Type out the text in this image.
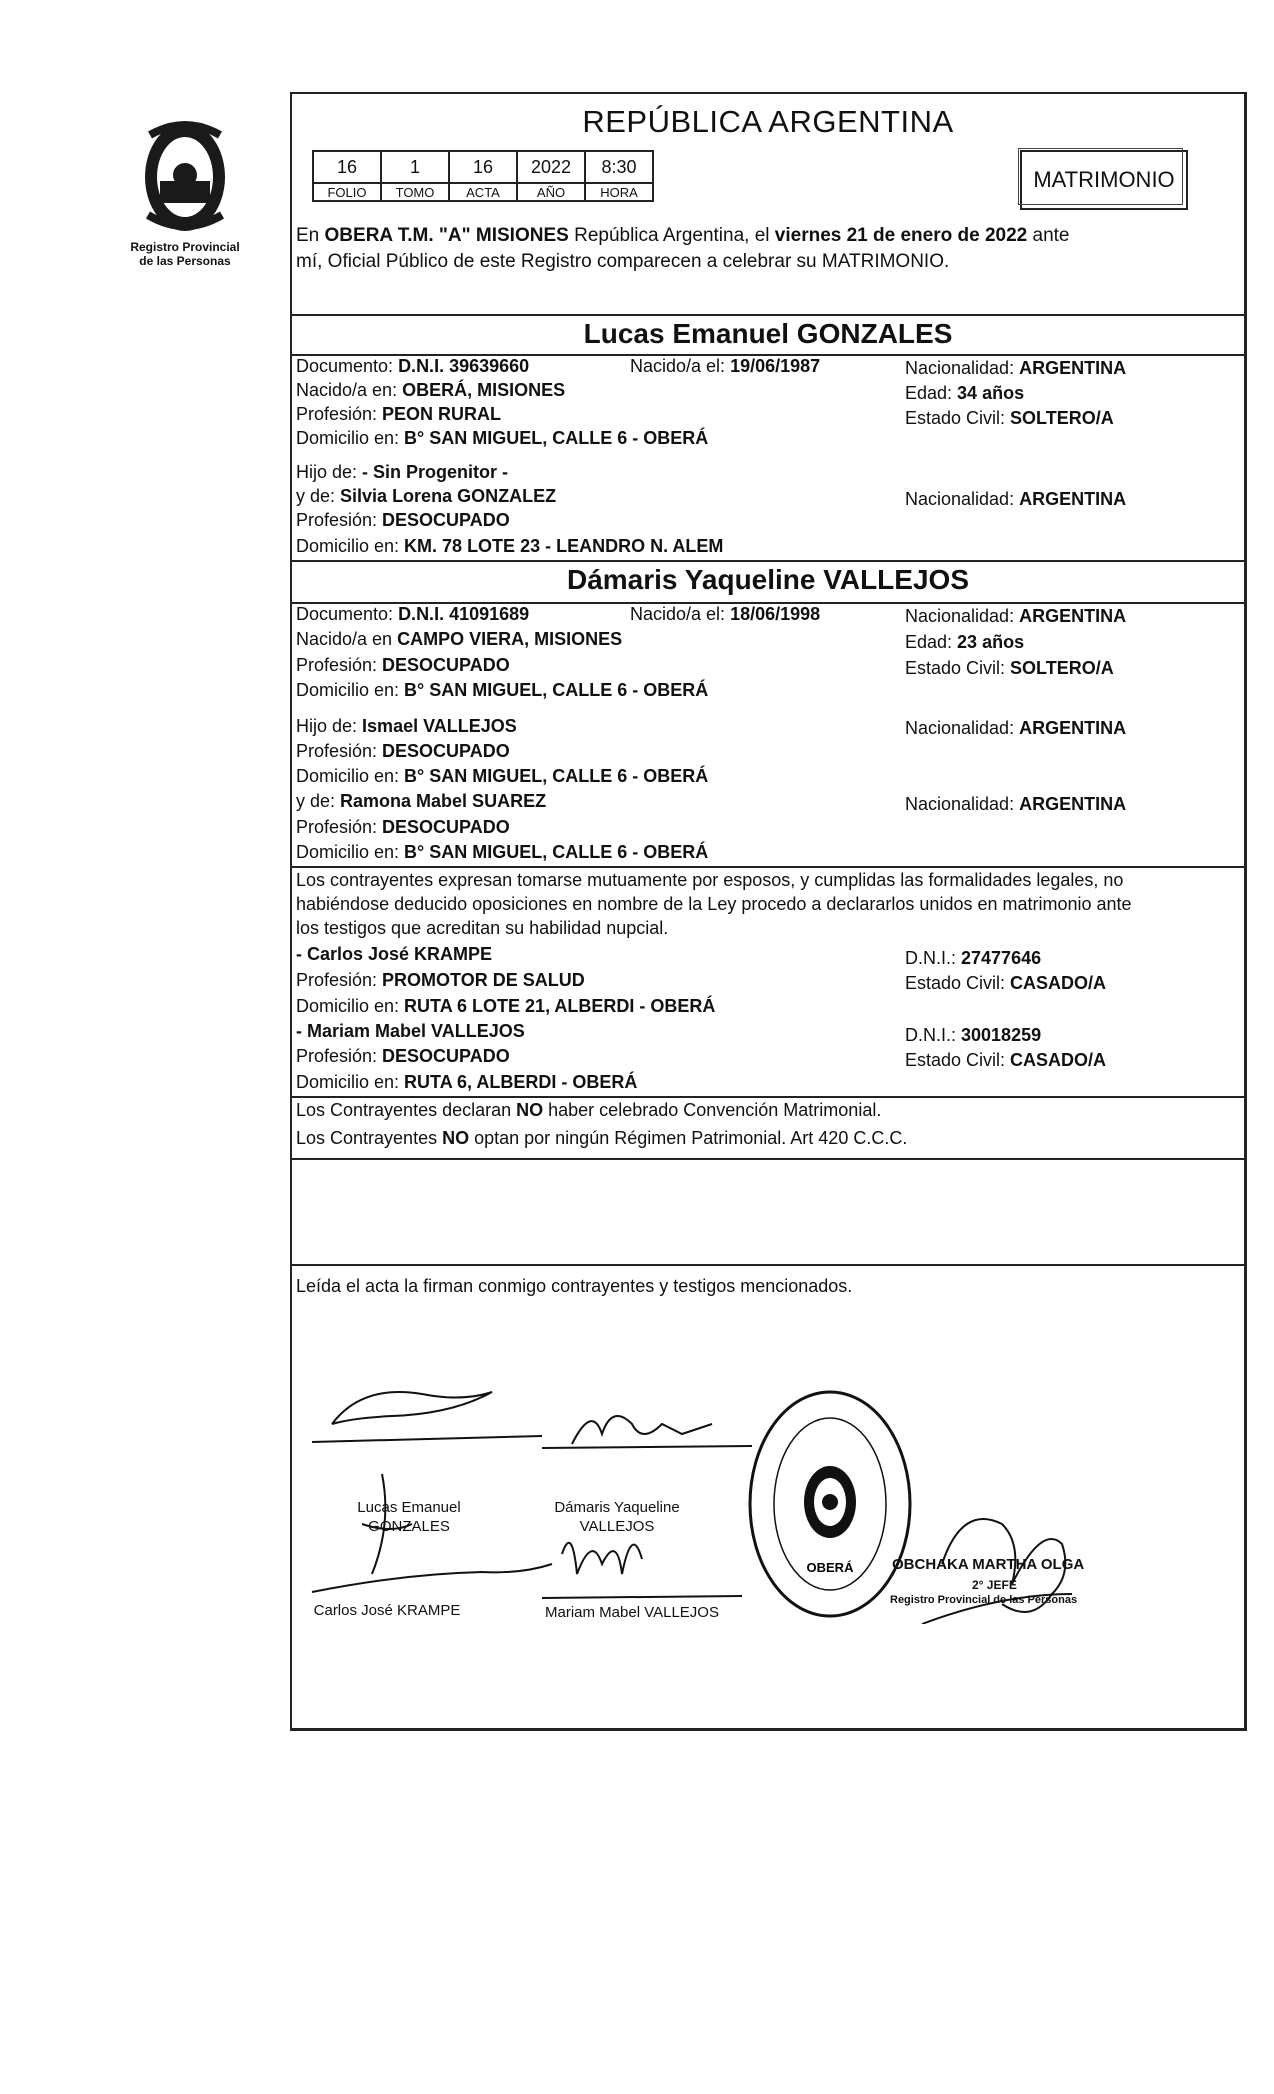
Registro Provincial
de las Personas
REPÚBLICA ARGENTINA
16	1	16	2022	8:30
FOLIO	TOMO	ACTA	AÑO	HORA	MATRIMONIO
En OBERA T.M. "A" MISIONES República Argentina, el viernes 21 de enero de 2022 ante
mí, Oficial Público de este Registro comparecen a celebrar su MATRIMONIO.
Lucas Emanuel GONZALES
Documento: D.N.I. 39639660	Nacido/a el: 19/06/1987	Nacionalidad: ARGENTINA
Nacido/a en: OBERÁ, MISIONES	Edad: 34 años
Profesión: PEON RURAL	Estado Civil: SOLTERO/A
Domicilio en: B° SAN MIGUEL, CALLE 6 - OBERÁ
Hijo de: - Sin Progenitor -
y de: Silvia Lorena GONZALEZ	Nacionalidad: ARGENTINA
Profesión: DESOCUPADO
Domicilio en: KM. 78 LOTE 23 - LEANDRO N. ALEM
Dámaris Yaqueline VALLEJOS
Documento: D.N.I. 41091689	Nacido/a el: 18/06/1998	Nacionalidad: ARGENTINA
Nacido/a en CAMPO VIERA, MISIONES	Edad: 23 años
Profesión: DESOCUPADO	Estado Civil: SOLTERO/A
Domicilio en: B° SAN MIGUEL, CALLE 6 - OBERÁ
Hijo de: Ismael VALLEJOS	Nacionalidad: ARGENTINA
Profesión: DESOCUPADO
Domicilio en: B° SAN MIGUEL, CALLE 6 - OBERÁ
y de: Ramona Mabel SUAREZ	Nacionalidad: ARGENTINA
Profesión: DESOCUPADO
Domicilio en: B° SAN MIGUEL, CALLE 6 - OBERÁ
Los contrayentes expresan tomarse mutuamente por esposos, y cumplidas las formalidades legales, no
habiéndose deducido oposiciones en nombre de la Ley procedo a declararlos unidos en matrimonio ante
los testigos que acreditan su habilidad nupcial.
- Carlos José KRAMPE	D.N.I.: 27477646
Profesión: PROMOTOR DE SALUD	Estado Civil: CASADO/A
Domicilio en: RUTA 6 LOTE 21, ALBERDI - OBERÁ
- Mariam Mabel VALLEJOS	D.N.I.: 30018259
Profesión: DESOCUPADO	Estado Civil: CASADO/A
Domicilio en: RUTA 6, ALBERDI - OBERÁ
Los Contrayentes declaran NO haber celebrado Convención Matrimonial.
Los Contrayentes NO optan por ningún Régimen Patrimonial. Art 420 C.C.C.
Leída el acta la firman conmigo contrayentes y testigos mencionados.
Lucas Emanuel
GONZALES
Dámaris Yaqueline
VALLEJOS
Carlos José KRAMPE	Mariam Mabel VALLEJOS
OBERÁ	OBCHAKA MARTHA OLGA
2° JEFE
Registro Provincial de las Personas
